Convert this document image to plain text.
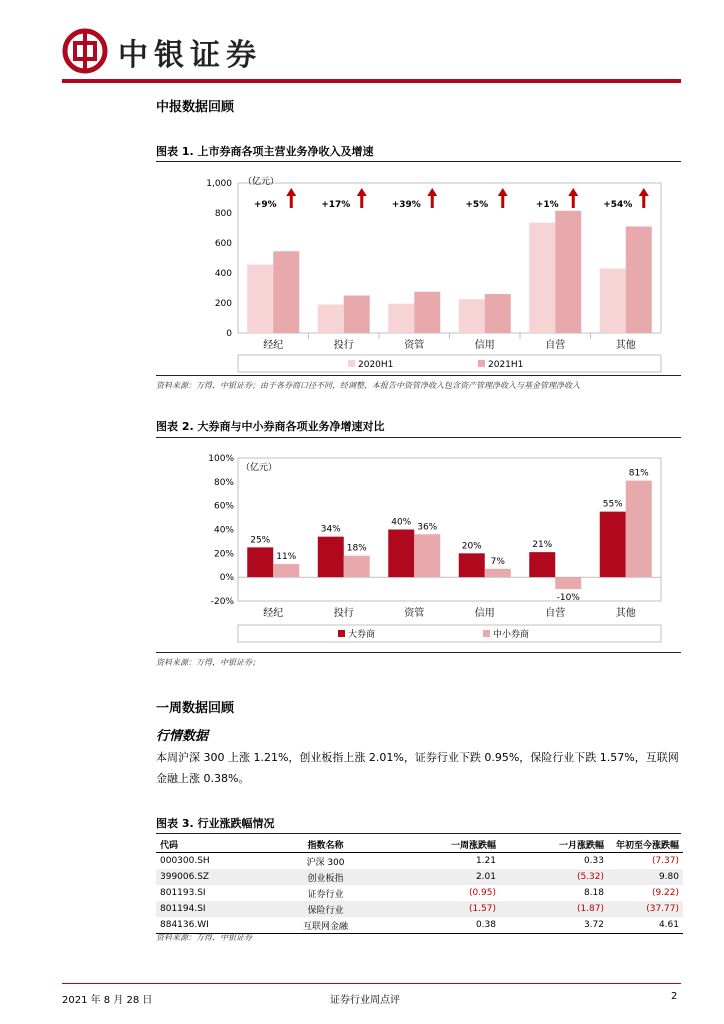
中银证券
中报数据回顾
图表 1. 上市券商各项主营业务净收入及增速
（亿元）
1,000
800
600
400
200
0
经纪
+9%
投行
+17%
资管
+39%
信用
+5%
自营
+1%
其他
+54%
2020H1	2021H1
资料来源：万得，中银证券；由于各券商口径不同，经调整，本报告中资管净收入包含资产管理净收入与基金管理净收入
图表 2. 大券商与中小券商各项业务净增速对比
（亿元）
100%
80%
60%
40%
20%
0%
-20%
25%
11%
经纪
34%
18%
投行
40% 36%
资管
20%
7%
信用
21%
-10%
自营
55%
81%
其他
大券商	中小券商
资料来源：万得，中银证券；
一周数据回顾
行情数据
本周沪深 300 上涨 1.21%，创业板指上涨 2.01%，证券行业下跌 0.95%，保险行业下跌 1.57%，互联网金融上涨 0.38%。
图表 3. 行业涨跌幅情况
代码	指数名称	一周涨跌幅	一月涨跌幅	年初至今涨跌幅
000300.SH	沪深 300	1.21	0.33	(7.37)
399006.SZ	创业板指	2.01	(5.32)	9.80
801193.SI	证券行业	(0.95)	8.18	(9.22)
801194.SI	保险行业	(1.57)	(1.87)	(37.77)
884136.WI	互联网金融	0.38	3.72	4.61
资料来源：万得，中银证券
2021 年 8 月 28 日	证券行业周点评	2
